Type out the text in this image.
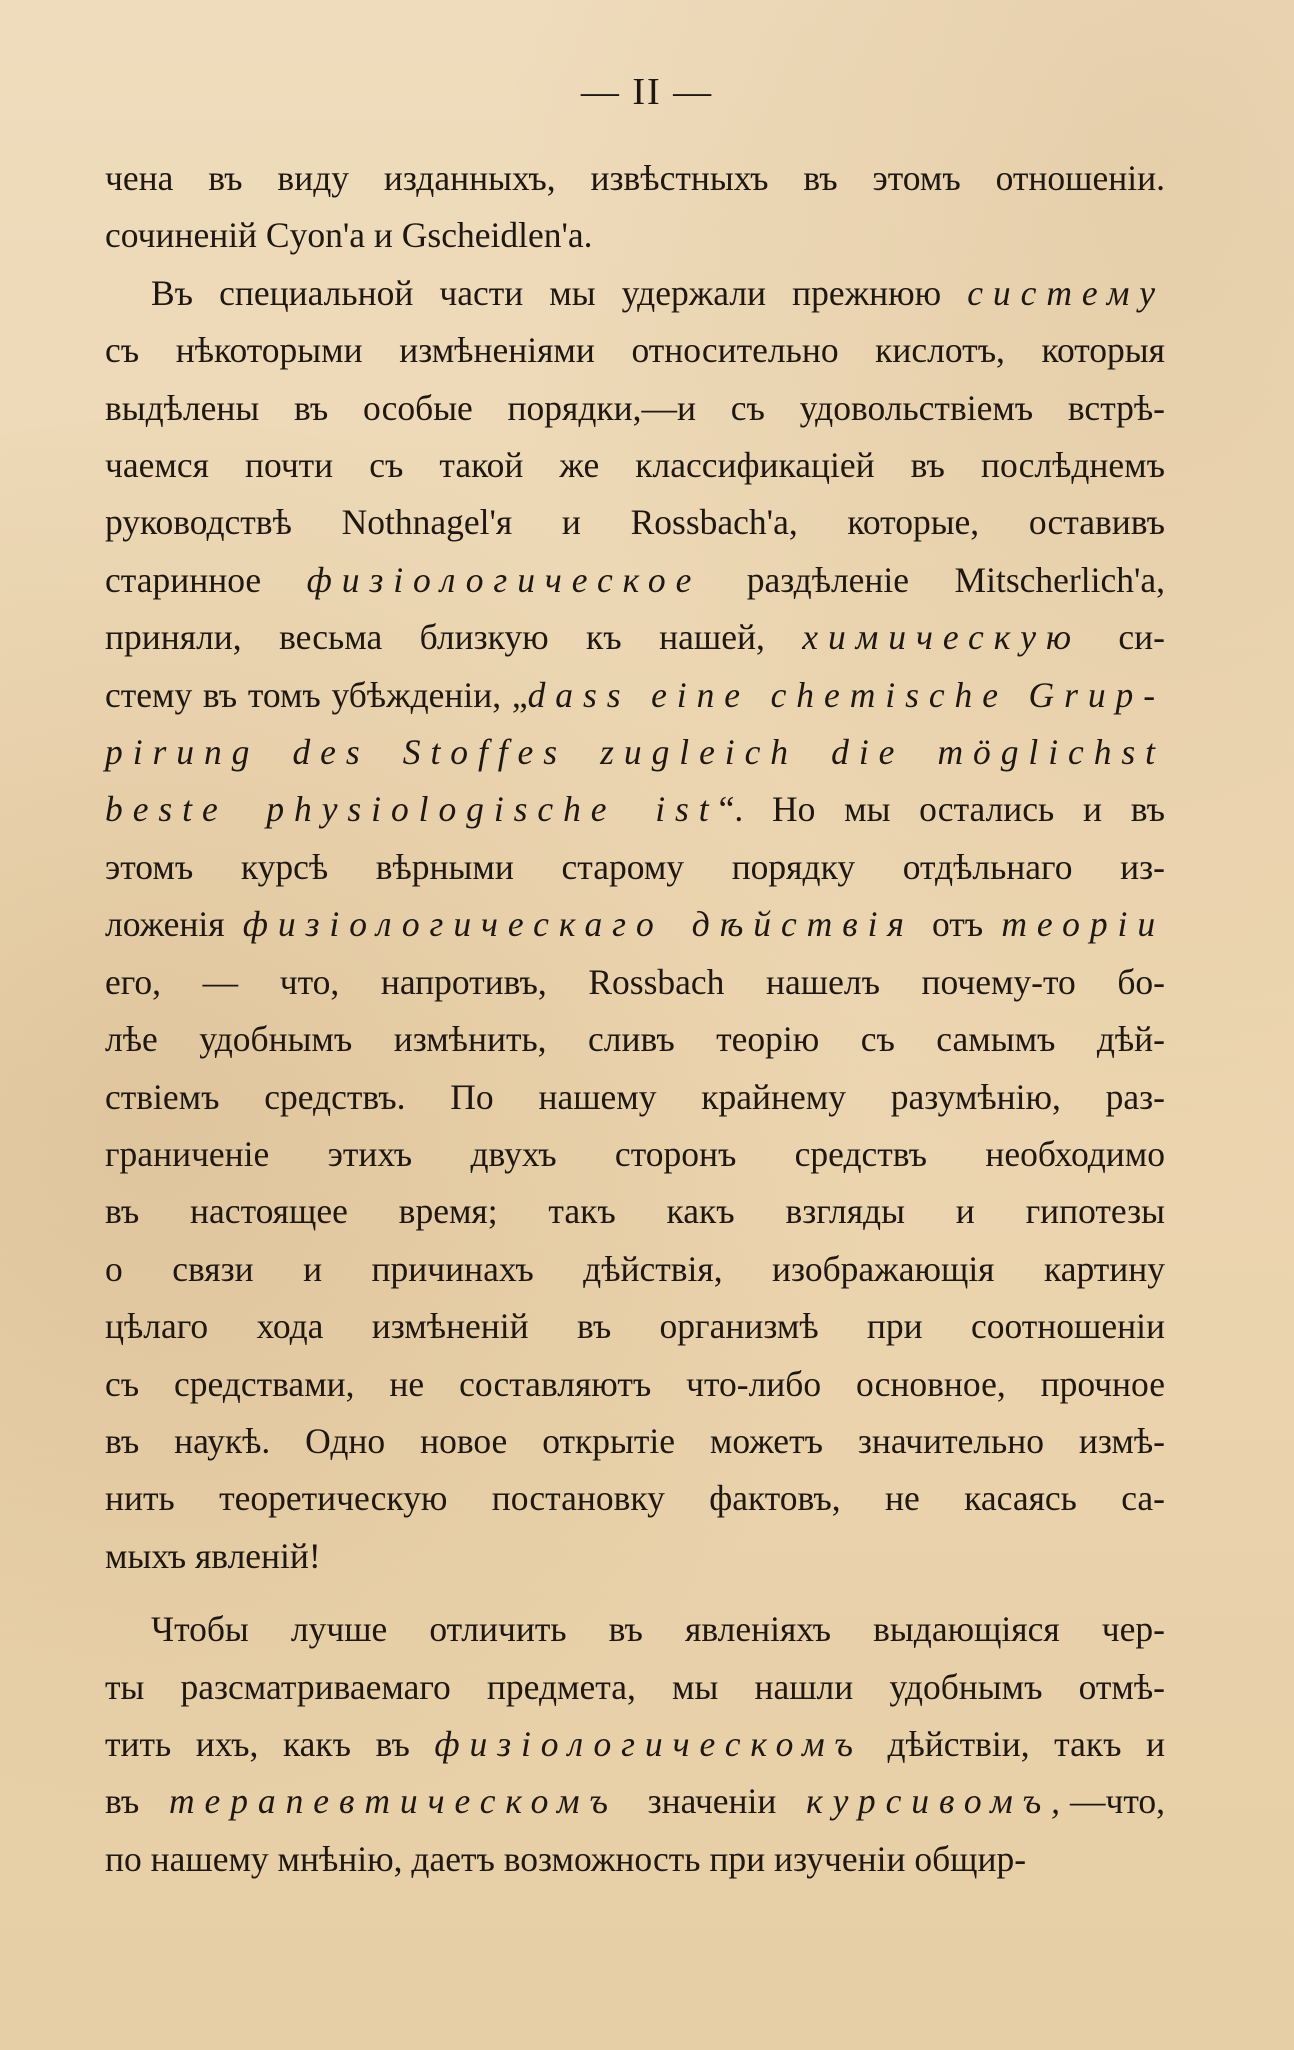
— II —
чена въ виду изданныхъ, извѣстныхъ въ этомъ отношенiи.
сочиненiй Cyon'a и Gscheidlen'a.
Въ специальной части мы удержали прежнюю систему
съ нѣкоторыми измѣненiями относительно кислотъ, которыя
выдѣлены въ особые порядки,—и съ удовольствiемъ встрѣ-
чаемся почти съ такой же классификацiей въ послѣднемъ
руководствѣ Nothnagel'я и Rossbach'а, которые, оставивъ
старинное физiологическое раздѣленiе Mitscherlich'a,
приняли, весьма близкую къ нашей, химическую си-
стему въ томъ убѣжденiи, „dass eine chemische Grup-
pirung des Stoffes zugleich die möglichst
beste physiologische ist“. Но мы остались и въ
этомъ курсѣ вѣрными старому порядку отдѣльнаго из-
ложенiя физiологическаго дѣйствiя отъ теорiи
его, — что, напротивъ, Rossbach нашелъ почему-то бо-
лѣе удобнымъ измѣнить, сливъ теорiю съ самымъ дѣй-
ствiемъ средствъ. По нашему крайнему разумѣнiю, раз-
граниченiе этихъ двухъ сторонъ средствъ необходимо
въ настоящее время; такъ какъ взгляды и гипотезы
о связи и причинахъ дѣйствiя, изображающiя картину
цѣлаго хода измѣненiй въ организмѣ при соотношенiи
съ средствами, не составляютъ что-либо основное, прочное
въ наукѣ. Одно новое открытiе можетъ значительно измѣ-
нить теоретическую постановку фактовъ, не касаясь са-
мыхъ явленiй!
Чтобы лучше отличить въ явленiяхъ выдающiяся чер-
ты разсматриваемаго предмета, мы нашли удобнымъ отмѣ-
тить ихъ, какъ въ физiологическомъ дѣйствiи, такъ и
въ терапевтическомъ значенiи курсивомъ,—что,
по нашему мнѣнiю, даетъ возможность при изученiи общир-
